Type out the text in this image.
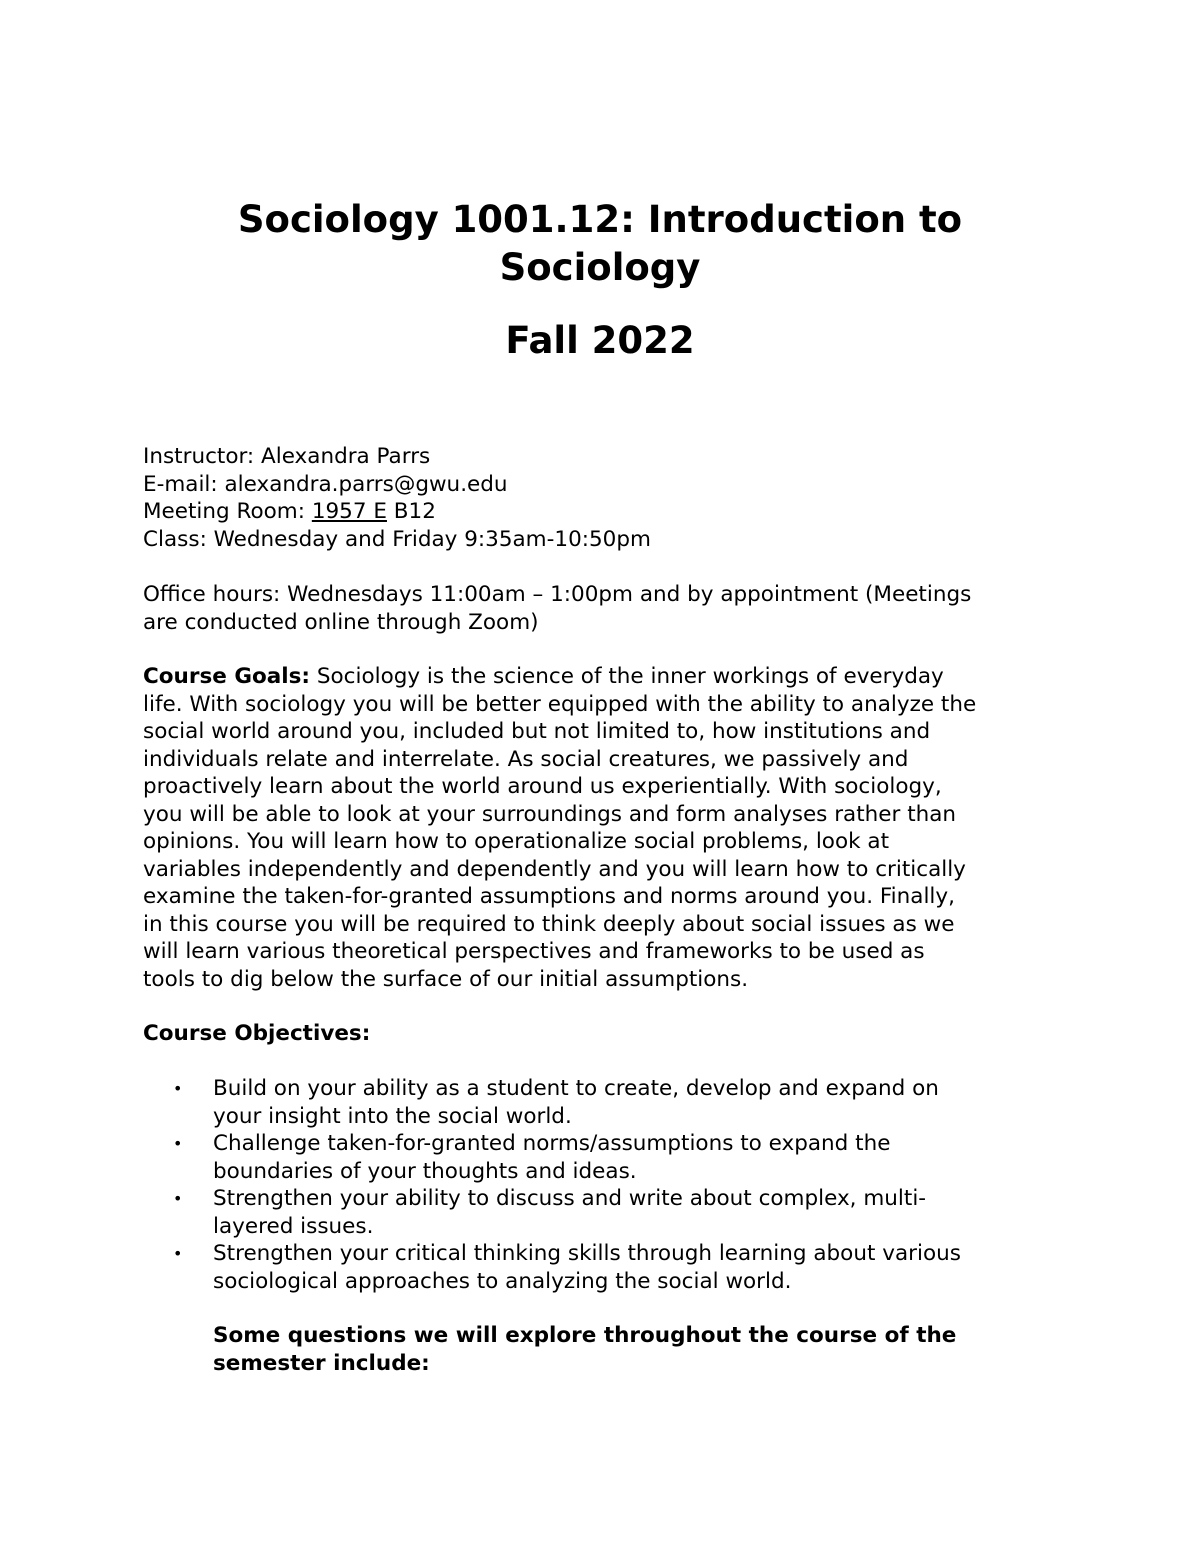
Sociology 1001.12: Introduction to
Sociology
Fall 2022
Instructor: Alexandra Parrs
E-mail: alexandra.parrs@gwu.edu
Meeting Room: 1957 E B12
Class: Wednesday and Friday 9:35am-10:50pm
Office hours: Wednesdays 11:00am – 1:00pm and by appointment (Meetings
are conducted online through Zoom)
Course Goals: Sociology is the science of the inner workings of everyday
life. With sociology you will be better equipped with the ability to analyze the
social world around you, included but not limited to, how institutions and
individuals relate and interrelate. As social creatures, we passively and
proactively learn about the world around us experientially. With sociology,
you will be able to look at your surroundings and form analyses rather than
opinions. You will learn how to operationalize social problems, look at
variables independently and dependently and you will learn how to critically
examine the taken-for-granted assumptions and norms around you. Finally,
in this course you will be required to think deeply about social issues as we
will learn various theoretical perspectives and frameworks to be used as
tools to dig below the surface of our initial assumptions.
Course Objectives:
• Build on your ability as a student to create, develop and expand on
your insight into the social world.
• Challenge taken-for-granted norms/assumptions to expand the
boundaries of your thoughts and ideas.
• Strengthen your ability to discuss and write about complex, multi-
layered issues.
• Strengthen your critical thinking skills through learning about various
sociological approaches to analyzing the social world.
Some questions we will explore throughout the course of the
semester include:
